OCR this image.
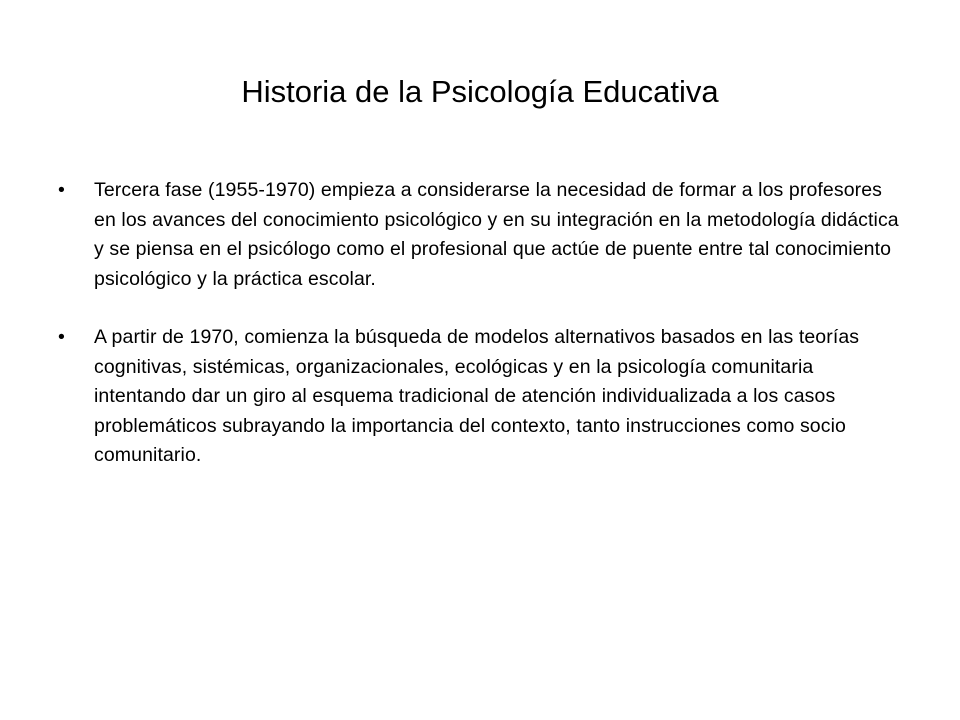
Historia de la Psicología Educativa
•	Tercera fase (1955-1970) empieza a considerarse la necesidad de formar a los profesores en los avances del conocimiento psicológico y en su integración en la metodología didáctica y se piensa en el psicólogo como el profesional que actúe de puente entre tal conocimiento psicológico y la práctica escolar.
•	A partir de 1970, comienza la búsqueda de modelos alternativos basados en las teorías cognitivas, sistémicas, organizacionales, ecológicas y en la psicología comunitaria intentando dar un giro al esquema tradicional de atención individualizada a los casos problemáticos subrayando la importancia del contexto, tanto instrucciones como socio comunitario.
